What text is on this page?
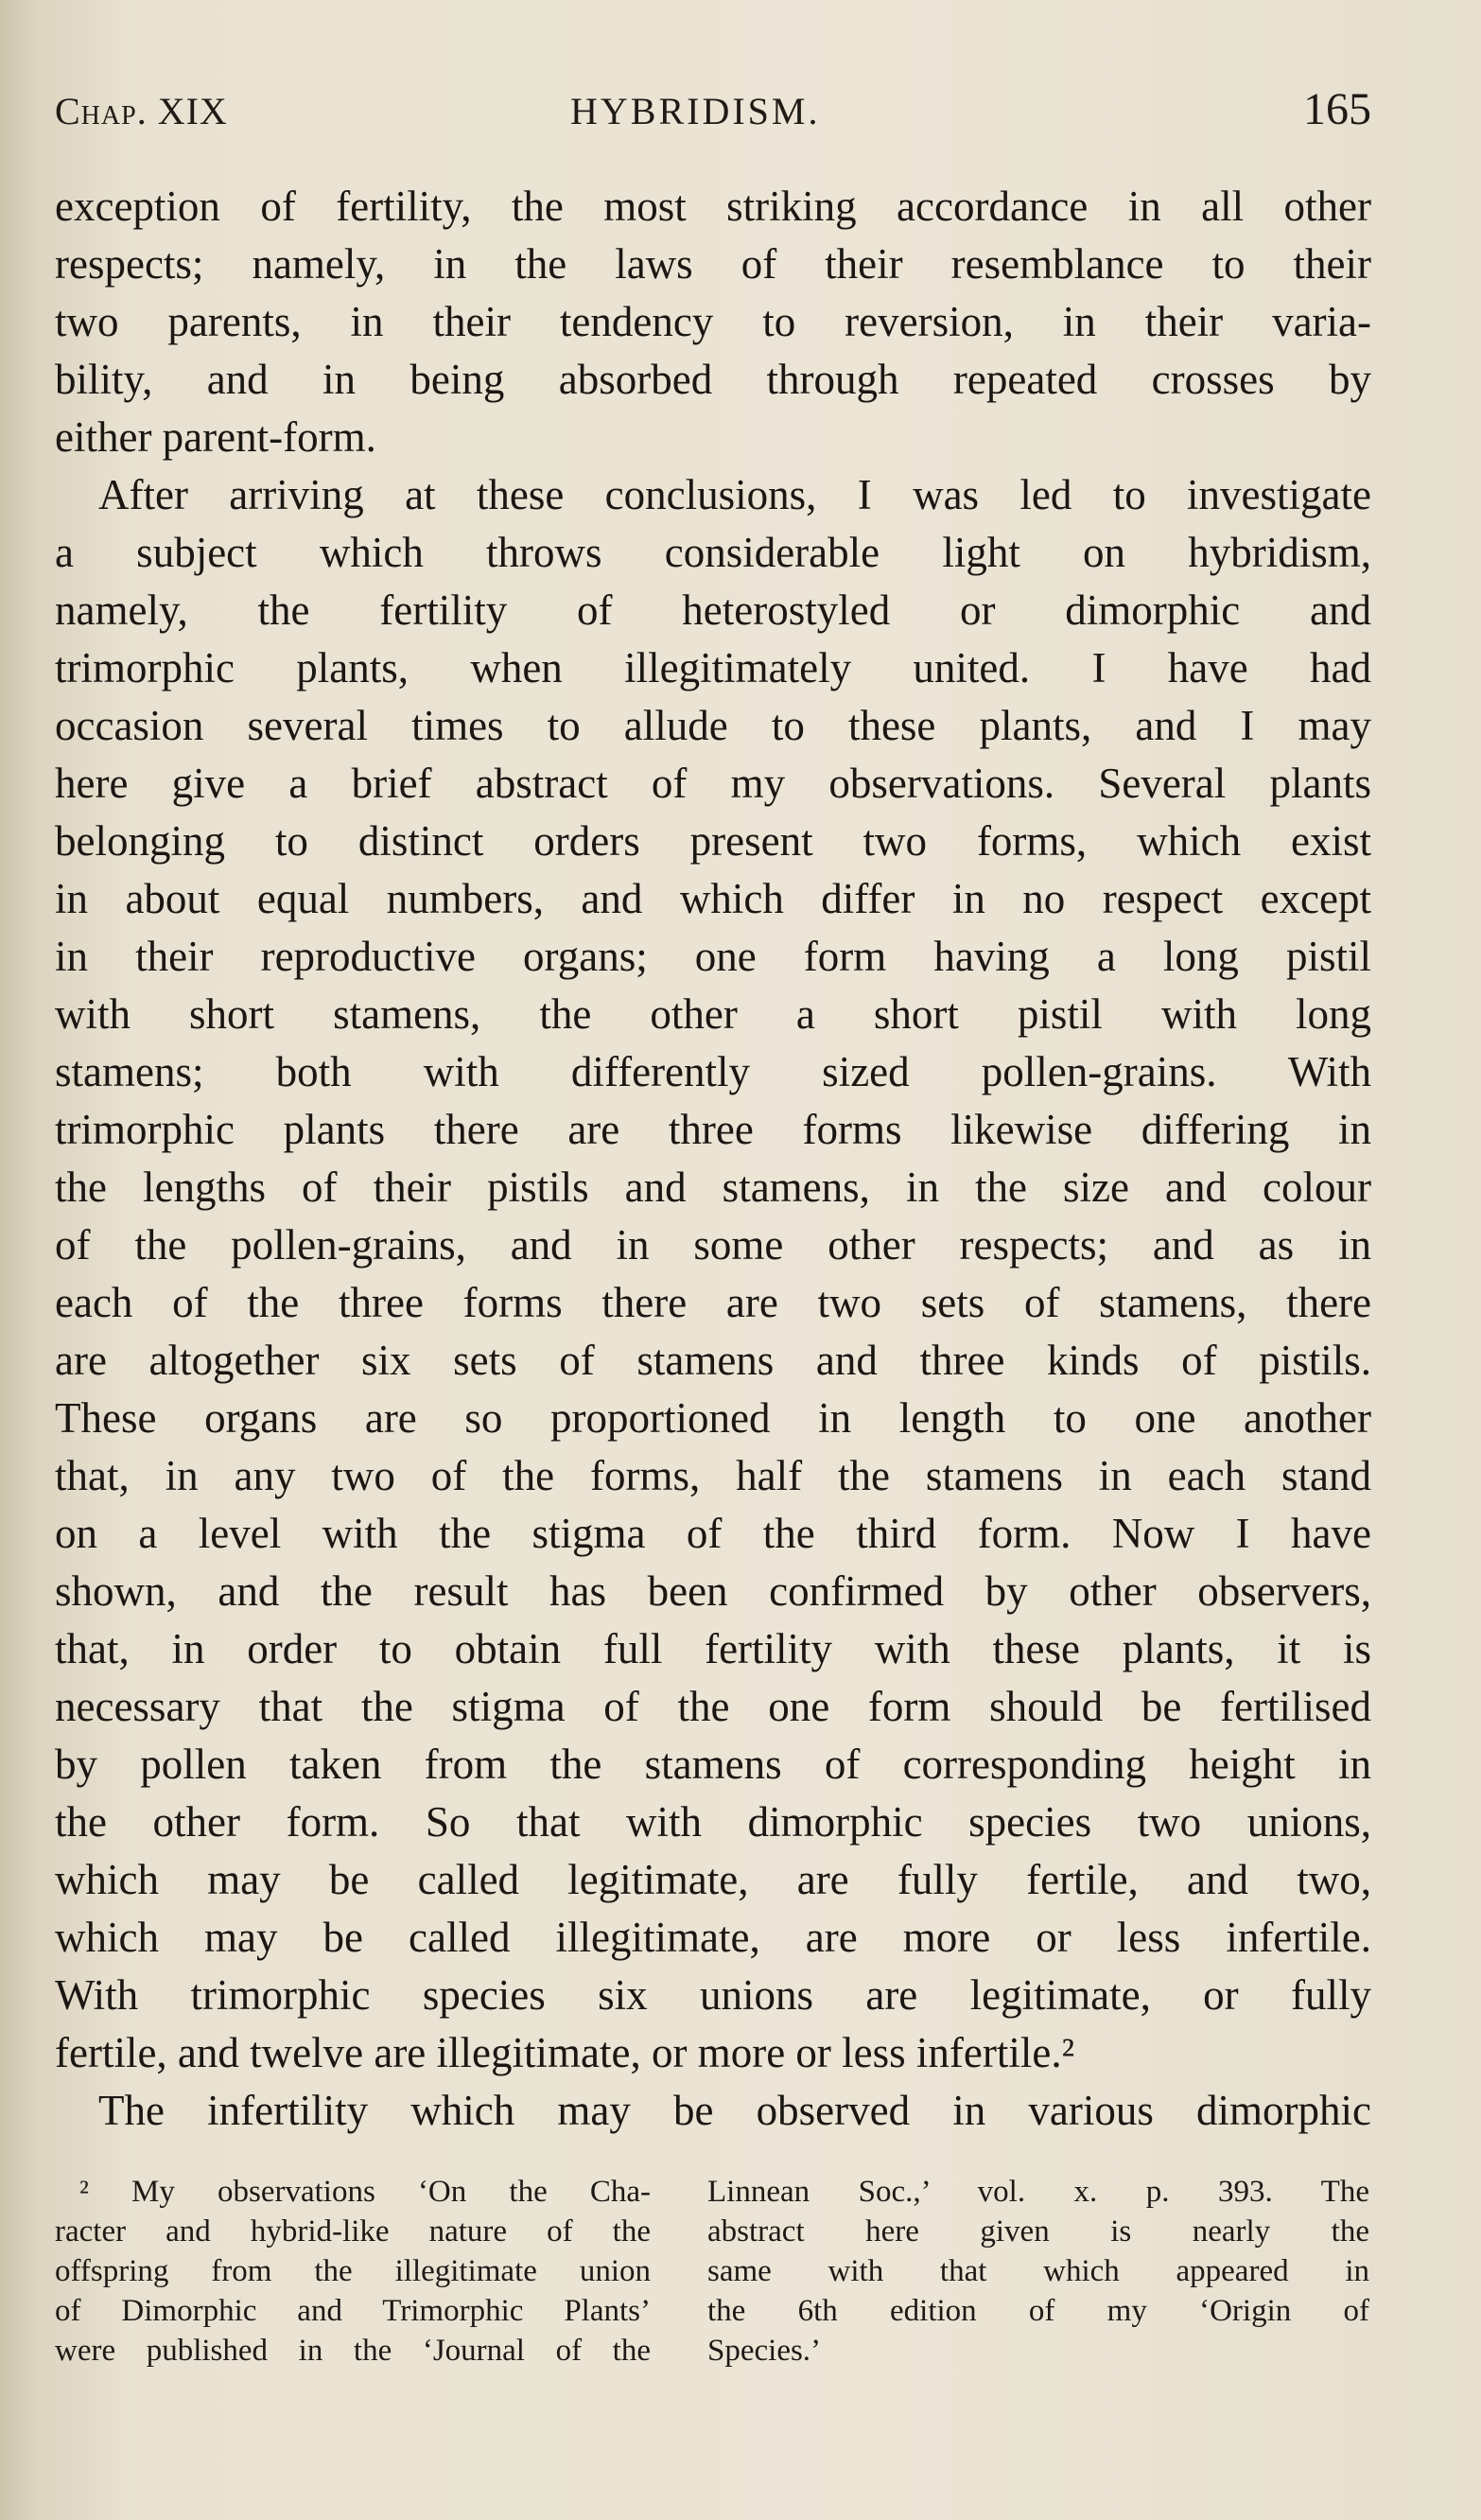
Chap. XIX	HYBRIDISM.	165
exception of fertility, the most striking accordance in all other
respects; namely, in the laws of their resemblance to their
two parents, in their tendency to reversion, in their varia-
bility, and in being absorbed through repeated crosses by
either parent-form.
After arriving at these conclusions, I was led to investigate
a subject which throws considerable light on hybridism,
namely, the fertility of heterostyled or dimorphic and
trimorphic plants, when illegitimately united. I have had
occasion several times to allude to these plants, and I may
here give a brief abstract of my observations. Several plants
belonging to distinct orders present two forms, which exist
in about equal numbers, and which differ in no respect except
in their reproductive organs; one form having a long pistil
with short stamens, the other a short pistil with long
stamens; both with differently sized pollen-grains. With
trimorphic plants there are three forms likewise differing in
the lengths of their pistils and stamens, in the size and colour
of the pollen-grains, and in some other respects; and as in
each of the three forms there are two sets of stamens, there
are altogether six sets of stamens and three kinds of pistils.
These organs are so proportioned in length to one another
that, in any two of the forms, half the stamens in each stand
on a level with the stigma of the third form. Now I have
shown, and the result has been confirmed by other observers,
that, in order to obtain full fertility with these plants, it is
necessary that the stigma of the one form should be fertilised
by pollen taken from the stamens of corresponding height in
the other form. So that with dimorphic species two unions,
which may be called legitimate, are fully fertile, and two,
which may be called illegitimate, are more or less infertile.
With trimorphic species six unions are legitimate, or fully
fertile, and twelve are illegitimate, or more or less infertile.²
The infertility which may be observed in various dimorphic
² My observations ‘On the Cha-
racter and hybrid-like nature of the
offspring from the illegitimate union
of Dimorphic and Trimorphic Plants’
were published in the ‘Journal of the
Linnean Soc.,’ vol. x. p. 393. The
abstract here given is nearly the
same with that which appeared in
the 6th edition of my ‘Origin of
Species.’
